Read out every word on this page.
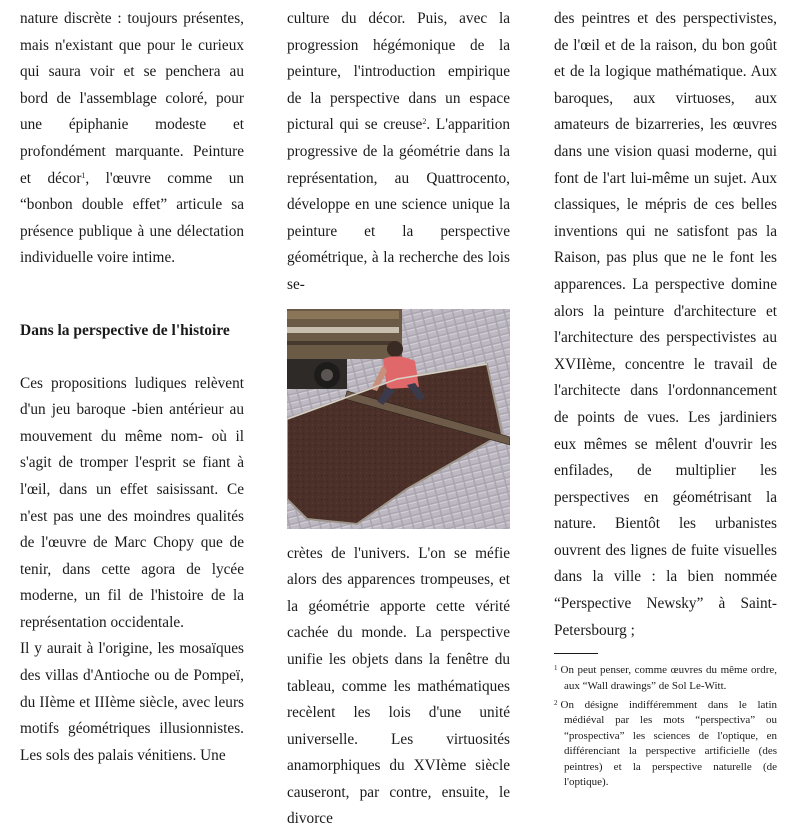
nature discrète : toujours présentes, mais n'existant que pour le curieux qui saura voir et se penchera au bord de l'assemblage coloré, pour une épiphanie modeste et profondément marquante. Peinture et décor$^1$, l'œuvre comme un “bonbon double effet” articule sa présence publique à une délectation individuelle voire intime.

Dans la perspective de l'histoire

Ces propositions ludiques relèvent d'un jeu baroque -bien antérieur au mouvement du même nom- où il s'agit de tromper l'esprit se fiant à l'œil, dans un effet saisissant. Ce n'est pas une des moindres qualités de l'œuvre de Marc Chopy que de tenir, dans cette agora de lycée moderne, un fil de l'histoire de la représentation occidentale.

Il y aurait à l'origine, les mosaïques des villas d'Antioche ou de Pompeï, du IIème et IIIème siècle, avec leurs motifs géométriques illusionnistes. Les sols des palais vénitiens. Une

culture du décor. Puis, avec la progression hégémonique de la peinture, l'introduction empirique de la perspective dans un espace pictural qui se creuse$^2$. L'apparition progressive de la géométrie dans la représentation, au Quattrocento, développe en une science unique la peinture et la perspective géométrique, à la recherche des lois se-

crètes de l'univers. L'on se méfie alors des apparences trompeuses, et la géométrie apporte cette vérité cachée du monde. La perspective unifie les objets dans la fenêtre du tableau, comme les mathématiques recèlent les lois d'une unité universelle. Les virtuosités anamorphiques du XVIème siècle causeront, par contre, ensuite, le divorce

des peintres et des perspectivistes, de l'œil et de la raison, du bon goût et de la logique mathématique. Aux baroques, aux virtuoses, aux amateurs de bizarreries, les œuvres dans une vision quasi moderne, qui font de l'art lui-même un sujet. Aux classiques, le mépris de ces belles inventions qui ne satisfont pas la Raison, pas plus que ne le font les apparences. La perspective domine alors la peinture d'architecture et l'architecture des perspectivistes au XVIIème, concentre le travail de l'architecte dans l'ordonnancement de points de vues. Les jardiniers eux mêmes se mêlent d'ouvrir les enfilades, de multiplier les perspectives en géométrisant la nature. Bientôt les urbanistes ouvrent des lignes de fuite visuelles dans la ville : la bien nommée “Perspective Newsky” à Saint-Petersbourg ;

$^1$ On peut penser, comme œuvres du même ordre, aux “Wall drawings” de Sol Le-Witt.

$^2$ On désigne indifféremment dans le latin médiéval par les mots “perspectiva” ou “prospectiva” les sciences de l'optique, en différenciant la perspective artificielle (des peintres) et la perspective naturelle (de l'optique).
